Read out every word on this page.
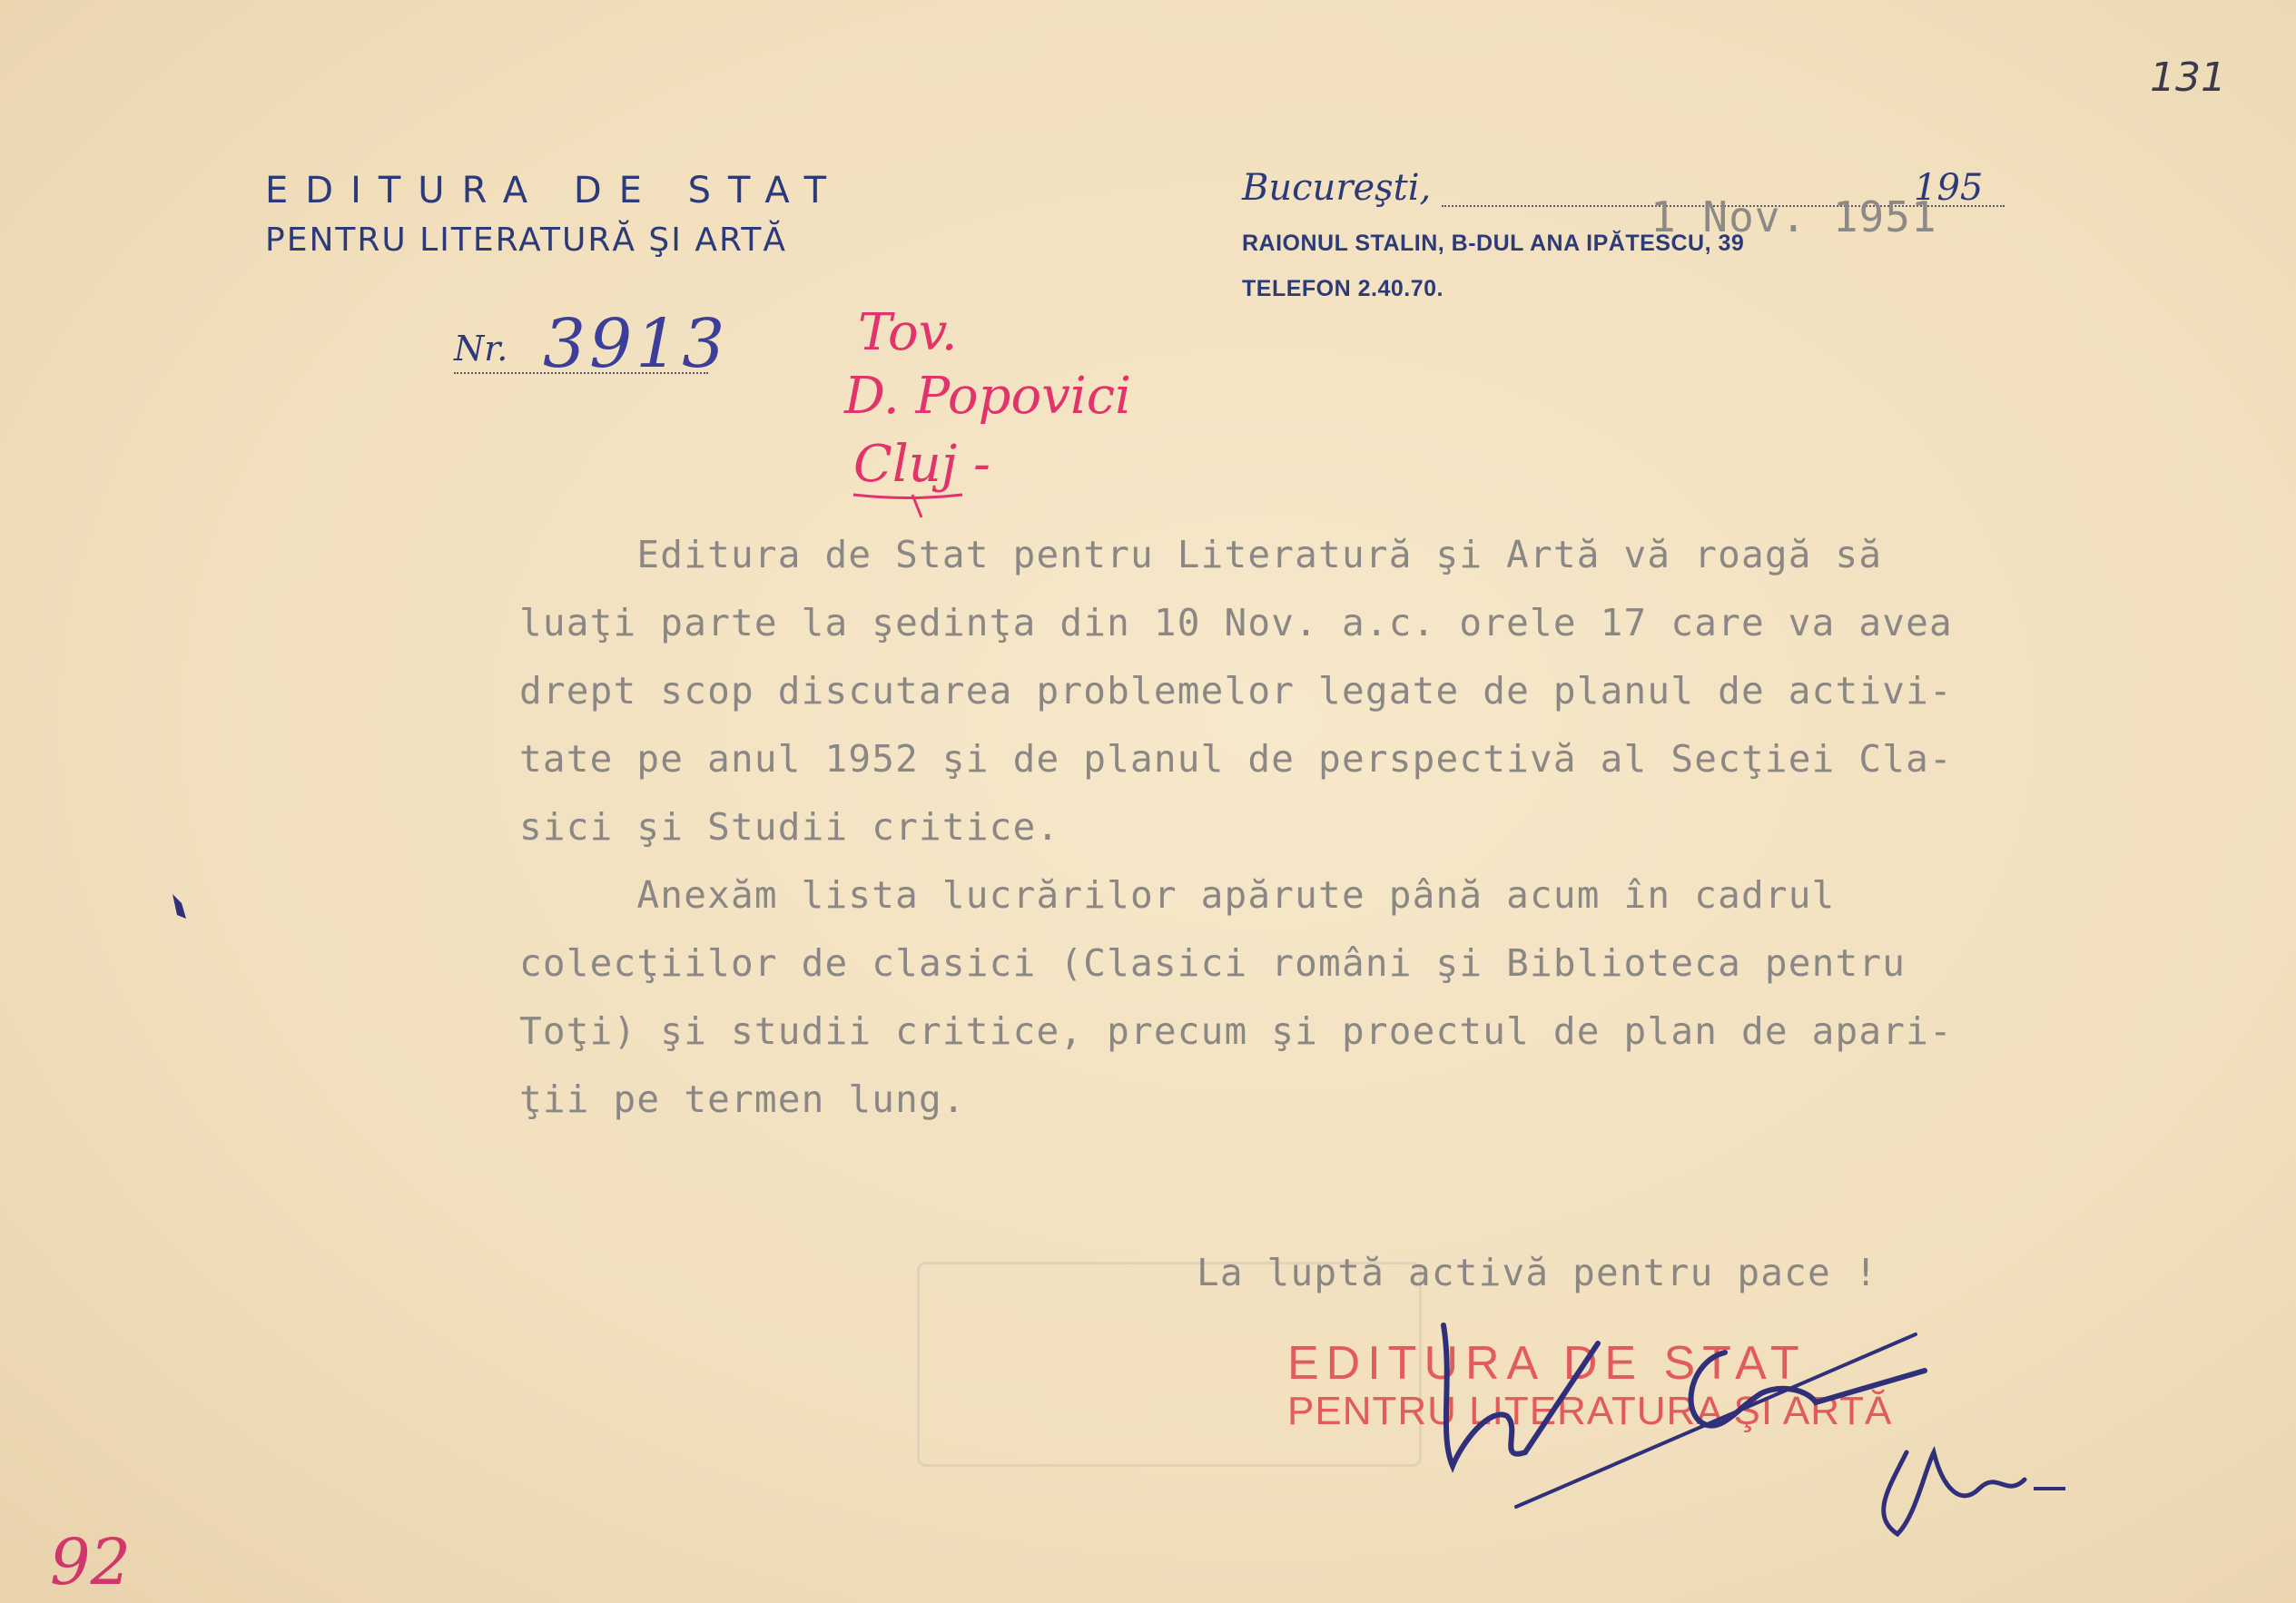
EDITURA DE STAT
PENTRU LITERATURĂ ŞI ARTĂ
Nr. 3913
Bucureşti,
1 Nov. 1951
195
RAIONUL STALIN, B-DUL ANA IPĂTESCU, 39
TELEFON 2.40.70.

Editura de Stat pentru Literatură şi Artă vă roagă să

luaţi parte la şedinţa din 10 Nov. a.c. orele 17 care va avea

drept scop discutarea problemelor legate de planul de activi-

tate pe anul 1952 şi de planul de perspectivă al Secţiei Cla-

sici şi Studii critice.

Anexăm lista lucrărilor apărute până acum în cadrul

colecţiilor de clasici (Clasici români şi Biblioteca pentru

Toţi) şi studii critice, precum şi proectul de plan de apari-

ţii pe termen lung.

La luptă activă pentru pace !
EDITURA DE STAT
PENTRU LITERATURA ŞI ARTĂ
131
Tov.
D. Popovici
Cluj -
92
